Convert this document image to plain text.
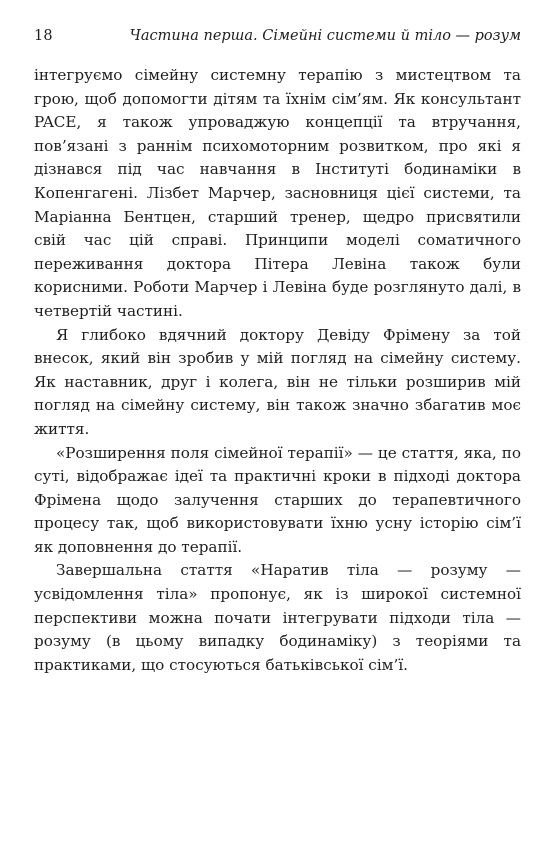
18	Частина перша. Сімейні системи й тіло — розум

інтегруємо сімейну системну терапію з мистецтвом та грою, щоб допомогти дітям та їхнім сім’ям. Як консультант PACE, я також упроваджую концепції та втручання, пов’язані з раннім психомоторним розвитком, про які я дізнався під час навчання в Інституті бодинаміки в Копенгагені. Лізбет Марчер, засновниця цієї системи, та Маріанна Бентцен, старший тренер, щедро присвятили свій час цій справі. Принципи моделі соматичного переживання доктора Пітера Левіна також були корисними. Роботи Марчер і Левіна буде розглянуто далі, в четвертій частині.

Я глибоко вдячний доктору Девіду Фрімену за той внесок, який він зробив у мій погляд на сімейну систему. Як наставник, друг і колега, він не тільки розширив мій погляд на сімейну систему, він також значно збагатив моє життя.

«Розширення поля сімейної терапії» — це стаття, яка, по суті, відображає ідеї та практичні кроки в підході доктора Фрімена щодо залучення старших до терапевтичного процесу так, щоб використовувати їхню усну історію сім’ї як доповнення до терапії.

Завершальна стаття «Наратив тіла — розуму — усвідомлення тіла» пропонує, як із широкої системної перспективи можна почати інтегрувати підходи тіла — розуму (в цьому випадку бодинаміку) з теоріями та практиками, що стосуються батьківської сім’ї.
